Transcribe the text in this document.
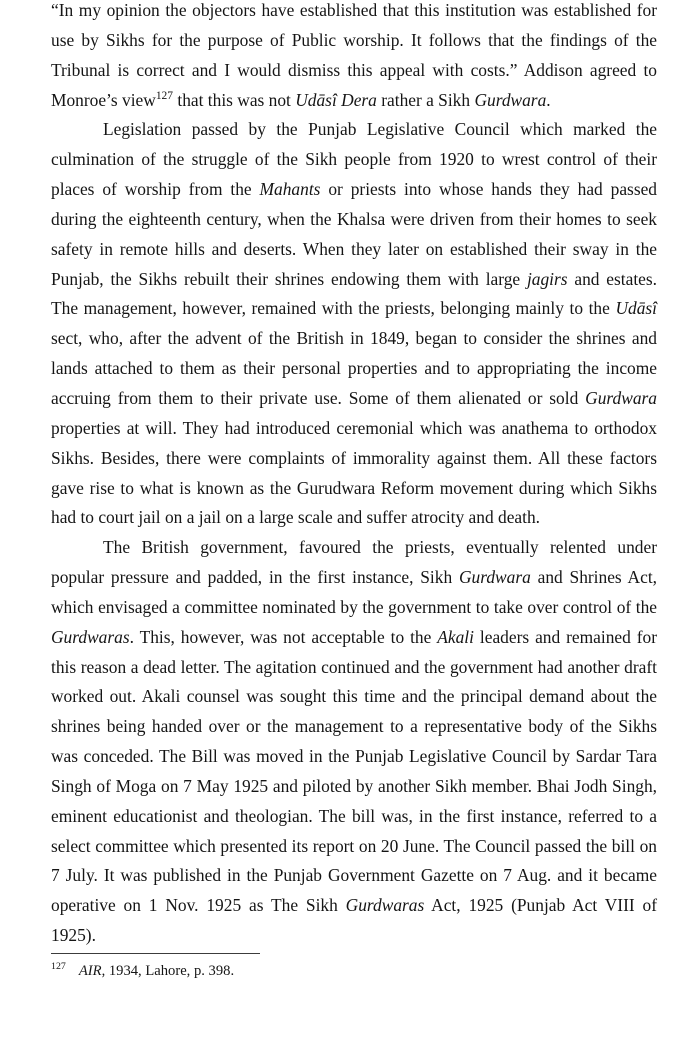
“In my opinion the objectors have established that this institution was established for use by Sikhs for the purpose of Public worship. It follows that the findings of the Tribunal is correct and I would dismiss this appeal with costs.” Addison agreed to Monroe’s view$^{127}$ that this was not Udāsî Dera rather a Sikh Gurdwara.

Legislation passed by the Punjab Legislative Council which marked the culmination of the struggle of the Sikh people from 1920 to wrest control of their places of worship from the Mahants or priests into whose hands they had passed during the eighteenth century, when the Khalsa were driven from their homes to seek safety in remote hills and deserts. When they later on established their sway in the Punjab, the Sikhs rebuilt their shrines endowing them with large jagirs and estates. The management, however, remained with the priests, belonging mainly to the Udāsî sect, who, after the advent of the British in 1849, began to consider the shrines and lands attached to them as their personal properties and to appropriating the income accruing from them to their private use. Some of them alienated or sold Gurdwara properties at will. They had introduced ceremonial which was anathema to orthodox Sikhs. Besides, there were complaints of immorality against them. All these factors gave rise to what is known as the Gurudwara Reform movement during which Sikhs had to court jail on a jail on a large scale and suffer atrocity and death.

The British government, favoured the priests, eventually relented under popular pressure and padded, in the first instance, Sikh Gurdwara and Shrines Act, which envisaged a committee nominated by the government to take over control of the Gurdwaras. This, however, was not acceptable to the Akali leaders and remained for this reason a dead letter. The agitation continued and the government had another draft worked out. Akali counsel was sought this time and the principal demand about the shrines being handed over or the management to a representative body of the Sikhs was conceded. The Bill was moved in the Punjab Legislative Council by Sardar Tara Singh of Moga on 7 May 1925 and piloted by another Sikh member. Bhai Jodh Singh, eminent educationist and theologian. The bill was, in the first instance, referred to a select committee which presented its report on 20 June. The Council passed the bill on 7 July. It was published in the Punjab Government Gazette on 7 Aug. and it became operative on 1 Nov. 1925 as The Sikh Gurdwaras Act, 1925 (Punjab Act VIII of 1925).

$^{127}$ AIR, 1934, Lahore, p. 398.
